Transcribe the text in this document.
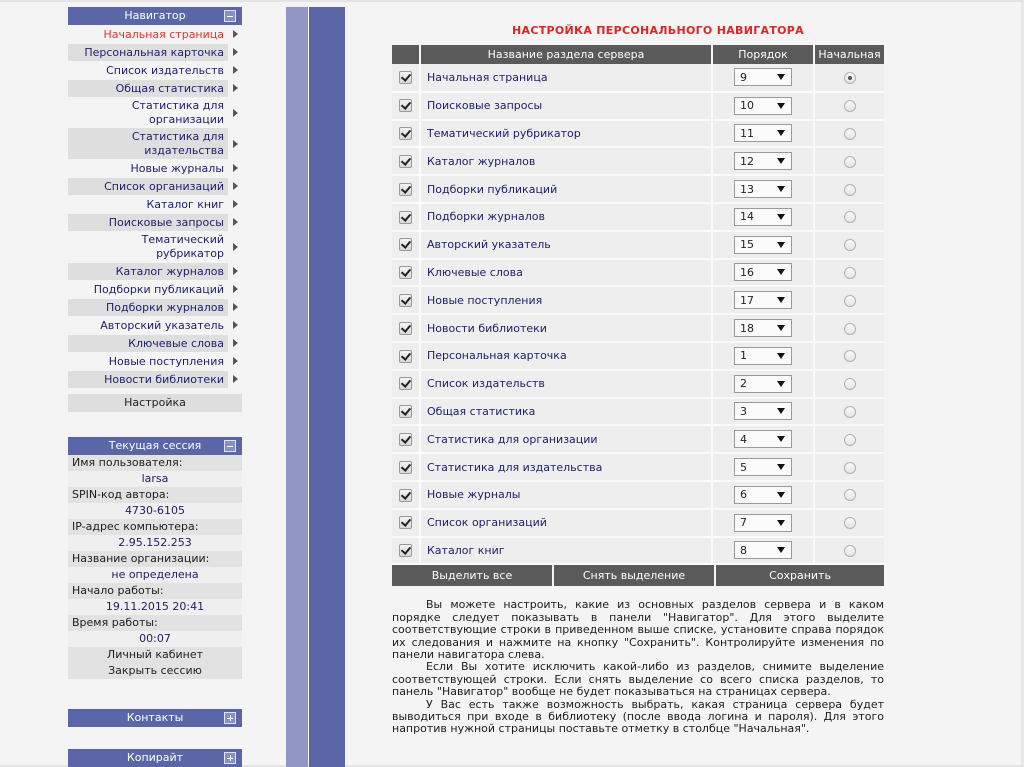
Навигатор
Начальная страница
Персональная карточка
Список издательств
Общая статистика
Статистика для организации
Статистика для издательства
Новые журналы
Список организаций
Каталог книг
Поисковые запросы
Тематический рубрикатор
Каталог журналов
Подборки публикаций
Подборки журналов
Авторский указатель
Ключевые слова
Новые поступления
Новости библиотеки
Настройка
Текущая сессия
Имя пользователя:
larsa
SPIN-код автора:
4730-6105
IP-адрес компьютера:
2.95.152.253
Название организации:
не определена
Начало работы:
19.11.2015 20:41
Время работы:
00:07
Личный кабинет
Закрыть сессию
Контакты
Копирайт
НАСТРОЙКА ПЕРСОНАЛЬНОГО НАВИГАТОРА
	Название раздела сервера	Порядок	Начальная
	Начальная страница	9	

	Поисковые запросы	10	

	Тематический рубрикатор	11	

	Каталог журналов	12	

	Подборки публикаций	13	

	Подборки журналов	14	

	Авторский указатель	15	

	Ключевые слова	16	

	Новые поступления	17	

	Новости библиотеки	18	

	Персональная карточка	1	

	Список издательств	2	

	Общая статистика	3	

	Статистика для организации	4	

	Статистика для издательства	5	

	Новые журналы	6	

	Список организаций	7	

	Каталог книг	8	

Выделить все	Снять выделение	Сохранить

Вы можете настроить, какие из основных разделов сервера и в каком порядке следует показывать в панели "Навигатор". Для этого выделите соответствующие строки в приведенном выше списке, установите справа порядок их следования и нажмите на кнопку "Сохранить". Контролируйте изменения по панели навигатора слева.

Если Вы хотите исключить какой-либо из разделов, снимите выделение соответствующей строки. Если снять выделение со всего списка разделов, то панель "Навигатор" вообще не будет показываться на страницах сервера.

У Вас есть также возможность выбрать, какая страница сервера будет выводиться при входе в библиотеку (после ввода логина и пароля). Для этого напротив нужной страницы поставьте отметку в столбце "Начальная".
